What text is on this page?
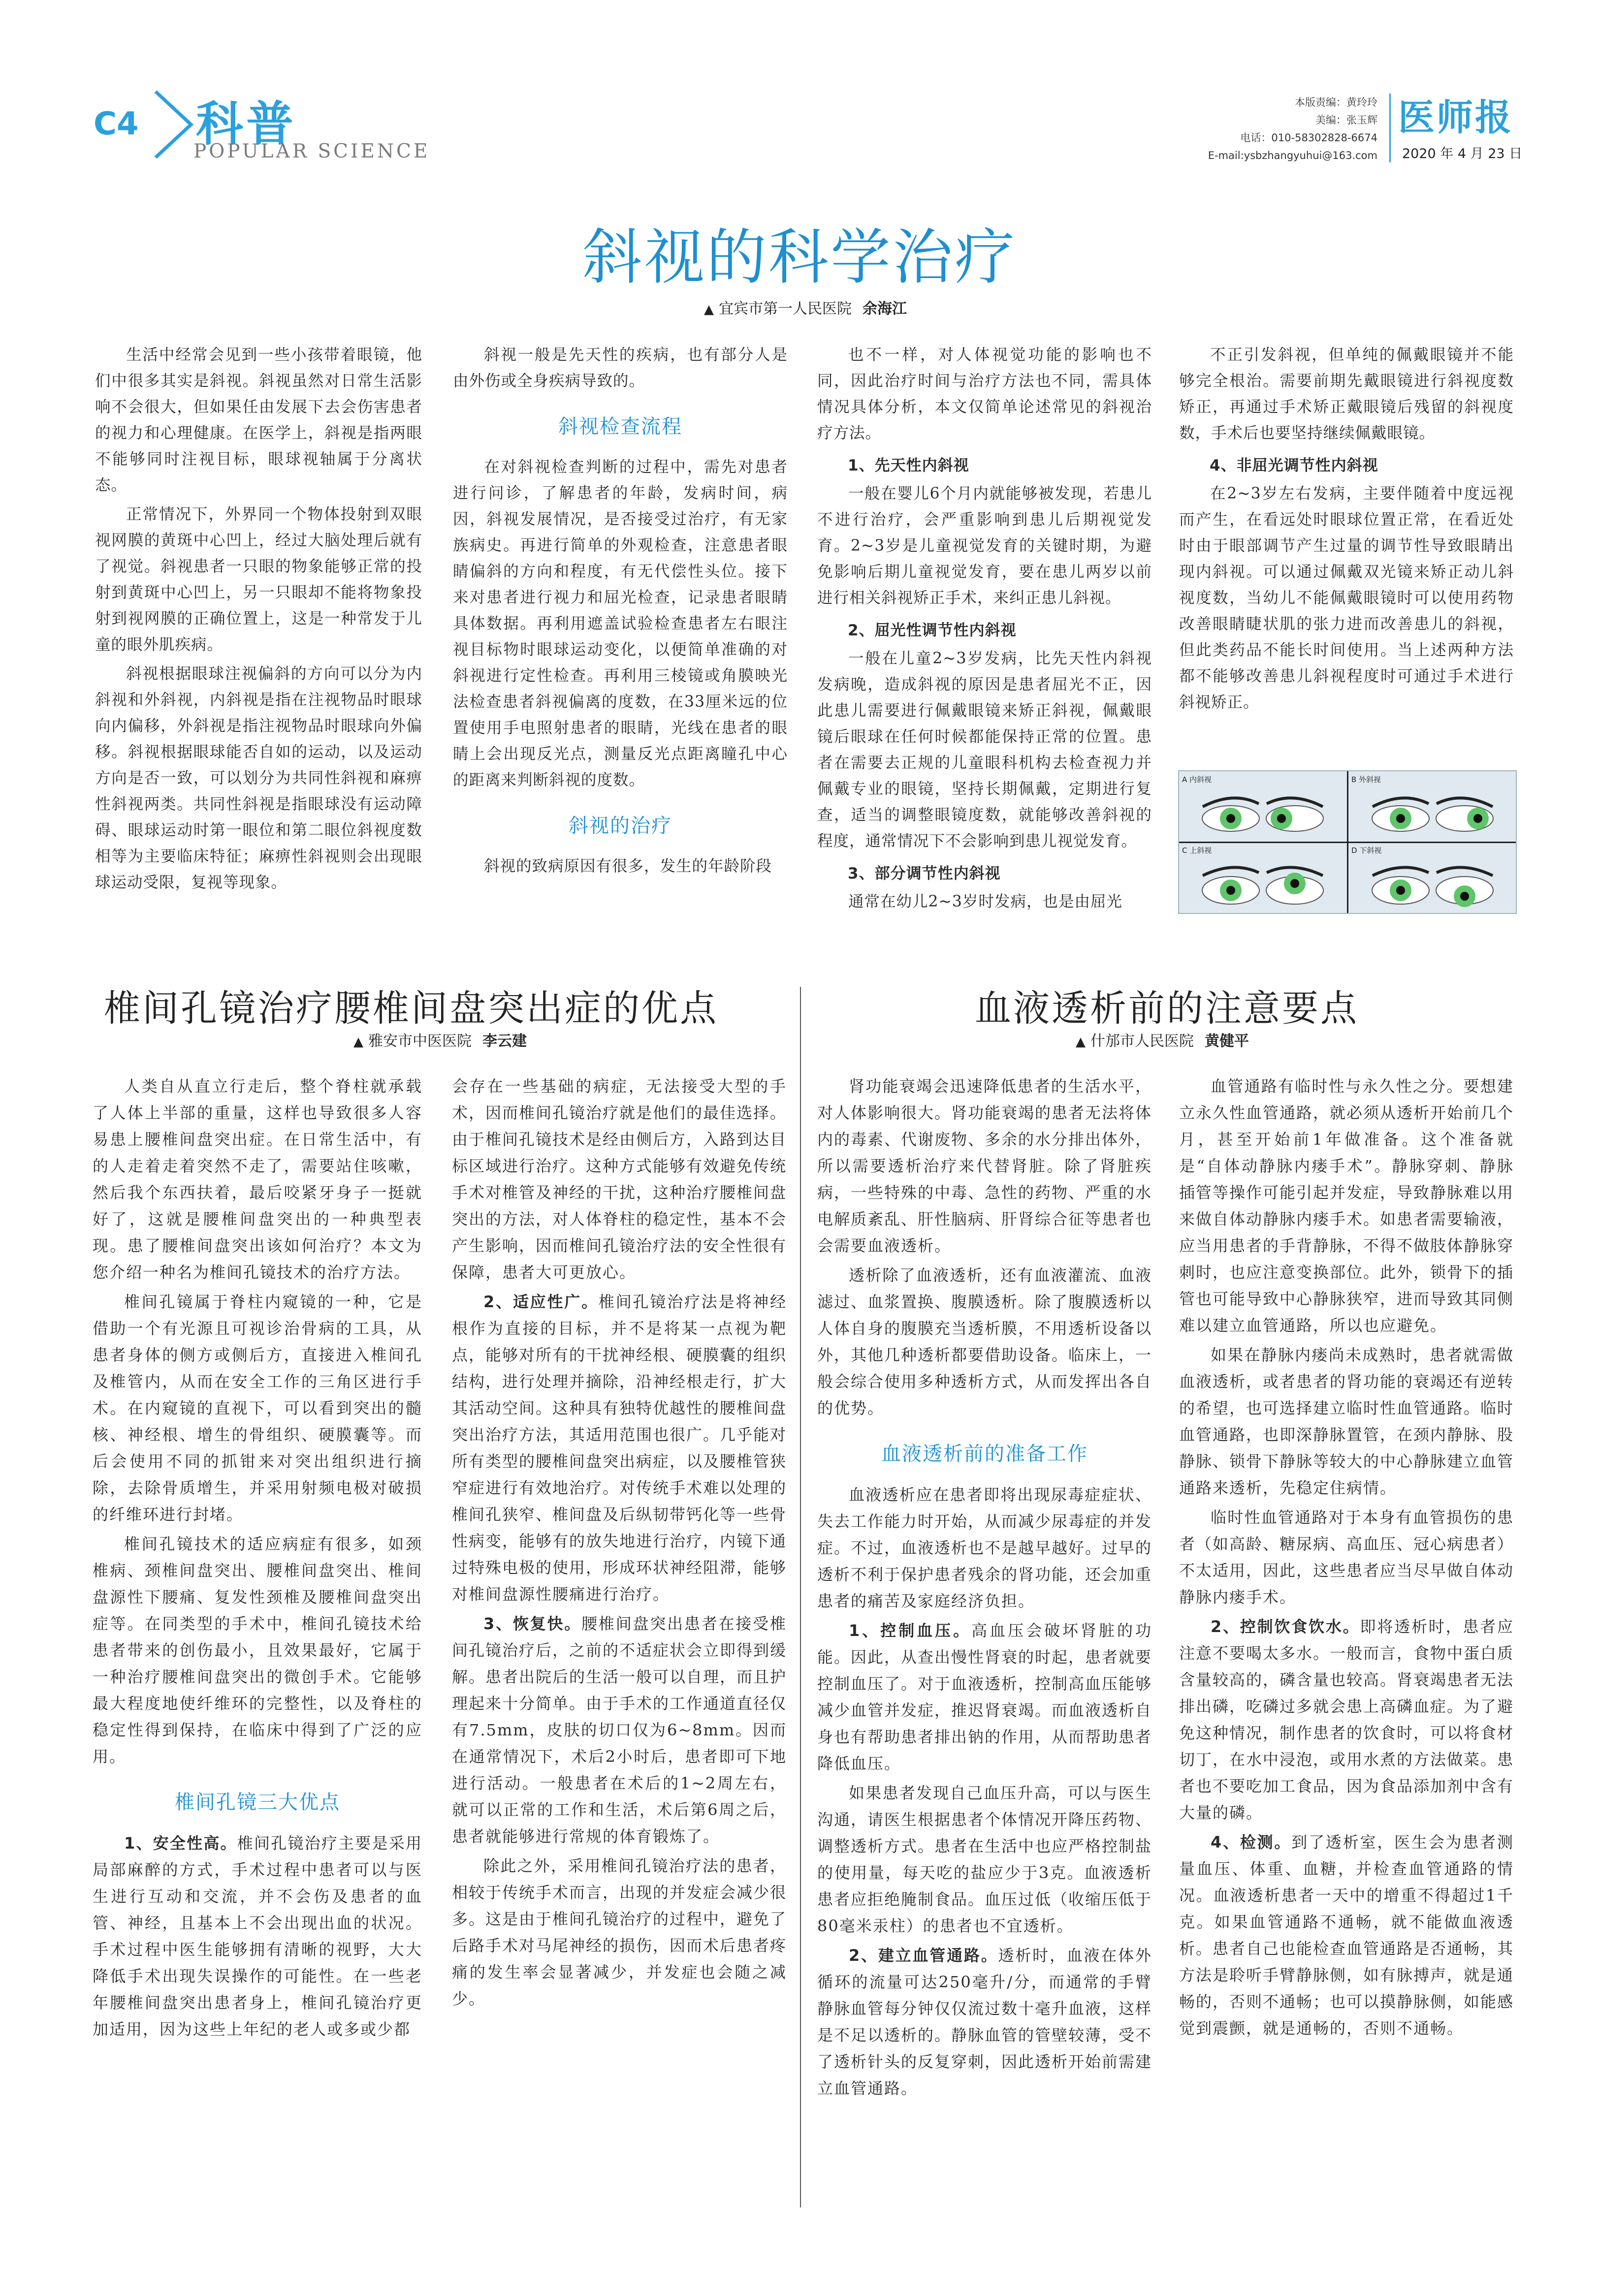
C4 科普
POPULAR SCIENCE
本版责编：黄玲玲
美编：张玉辉
电话：010-58302828-6674
E-mail:ysbzhangyuhui@163.com
医师报
2020 年 4 月 23 日
斜视的科学治疗
▲ 宜宾市第一人民医院 余海江

生活中经常会见到一些小孩带着眼镜，他们中很多其实是斜视。斜视虽然对日常生活影响不会很大，但如果任由发展下去会伤害患者的视力和心理健康。在医学上，斜视是指两眼不能够同时注视目标，眼球视轴属于分离状态。

正常情况下，外界同一个物体投射到双眼视网膜的黄斑中心凹上，经过大脑处理后就有了视觉。斜视患者一只眼的物象能够正常的投射到黄斑中心凹上，另一只眼却不能将物象投射到视网膜的正确位置上，这是一种常发于儿童的眼外肌疾病。

斜视根据眼球注视偏斜的方向可以分为内斜视和外斜视，内斜视是指在注视物品时眼球向内偏移，外斜视是指注视物品时眼球向外偏移。斜视根据眼球能否自如的运动，以及运动方向是否一致，可以划分为共同性斜视和麻痹性斜视两类。共同性斜视是指眼球没有运动障碍、眼球运动时第一眼位和第二眼位斜视度数相等为主要临床特征；麻痹性斜视则会出现眼球运动受限，复视等现象。

斜视一般是先天性的疾病，也有部分人是由外伤或全身疾病导致的。

斜视检查流程

在对斜视检查判断的过程中，需先对患者进行问诊，了解患者的年龄，发病时间，病因，斜视发展情况，是否接受过治疗，有无家族病史。再进行简单的外观检查，注意患者眼睛偏斜的方向和程度，有无代偿性头位。接下来对患者进行视力和屈光检查，记录患者眼睛具体数据。再利用遮盖试验检查患者左右眼注视目标物时眼球运动变化，以便简单准确的对斜视进行定性检查。再利用三棱镜或角膜映光法检查患者斜视偏离的度数，在33厘米远的位置使用手电照射患者的眼睛，光线在患者的眼睛上会出现反光点，测量反光点距离瞳孔中心的距离来判断斜视的度数。

斜视的治疗

斜视的致病原因有很多，发生的年龄阶段

也不一样，对人体视觉功能的影响也不同，因此治疗时间与治疗方法也不同，需具体情况具体分析，本文仅简单论述常见的斜视治疗方法。

1、先天性内斜视

一般在婴儿6个月内就能够被发现，若患儿不进行治疗，会严重影响到患儿后期视觉发育。2~3岁是儿童视觉发育的关键时期，为避免影响后期儿童视觉发育，要在患儿两岁以前进行相关斜视矫正手术，来纠正患儿斜视。

2、屈光性调节性内斜视

一般在儿童2~3岁发病，比先天性内斜视发病晚，造成斜视的原因是患者屈光不正，因此患儿需要进行佩戴眼镜来矫正斜视，佩戴眼镜后眼球在任何时候都能保持正常的位置。患者在需要去正规的儿童眼科机构去检查视力并佩戴专业的眼镜，坚持长期佩戴，定期进行复查，适当的调整眼镜度数，就能够改善斜视的程度，通常情况下不会影响到患儿视觉发育。

3、部分调节性内斜视

通常在幼儿2~3岁时发病，也是由屈光

不正引发斜视，但单纯的佩戴眼镜并不能够完全根治。需要前期先戴眼镜进行斜视度数矫正，再通过手术矫正戴眼镜后残留的斜视度数，手术后也要坚持继续佩戴眼镜。

4、非屈光调节性内斜视

在2~3岁左右发病，主要伴随着中度远视而产生，在看远处时眼球位置正常，在看近处时由于眼部调节产生过量的调节性导致眼睛出现内斜视。可以通过佩戴双光镜来矫正动儿斜视度数，当幼儿不能佩戴眼镜时可以使用药物改善眼睛睫状肌的张力进而改善患儿的斜视，但此类药品不能长时间使用。当上述两种方法都不能够改善患儿斜视程度时可通过手术进行斜视矫正。

A 内斜视	B 外斜视
C 上斜视	D 下斜视
椎间孔镜治疗腰椎间盘突出症的优点
▲ 雅安市中医医院 李云建

人类自从直立行走后，整个脊柱就承载了人体上半部的重量，这样也导致很多人容易患上腰椎间盘突出症。在日常生活中，有的人走着走着突然不走了，需要站住咳嗽，然后我个东西扶着，最后咬紧牙身子一挺就好了，这就是腰椎间盘突出的一种典型表现。患了腰椎间盘突出该如何治疗？本文为您介绍一种名为椎间孔镜技术的治疗方法。

椎间孔镜属于脊柱内窥镜的一种，它是借助一个有光源且可视诊治骨病的工具，从患者身体的侧方或侧后方，直接进入椎间孔及椎管内，从而在安全工作的三角区进行手术。在内窥镜的直视下，可以看到突出的髓核、神经根、增生的骨组织、硬膜囊等。而后会使用不同的抓钳来对突出组织进行摘除，去除骨质增生，并采用射频电极对破损的纤维环进行封堵。

椎间孔镜技术的适应病症有很多，如颈椎病、颈椎间盘突出、腰椎间盘突出、椎间盘源性下腰痛、复发性颈椎及腰椎间盘突出症等。在同类型的手术中，椎间孔镜技术给患者带来的创伤最小，且效果最好，它属于一种治疗腰椎间盘突出的微创手术。它能够最大程度地使纤维环的完整性，以及脊柱的稳定性得到保持，在临床中得到了广泛的应用。

椎间孔镜三大优点

1、安全性高。椎间孔镜治疗主要是采用局部麻醉的方式，手术过程中患者可以与医生进行互动和交流，并不会伤及患者的血管、神经，且基本上不会出现出血的状况。手术过程中医生能够拥有清晰的视野，大大降低手术出现失误操作的可能性。在一些老年腰椎间盘突出患者身上，椎间孔镜治疗更加适用，因为这些上年纪的老人或多或少都

会存在一些基础的病症，无法接受大型的手术，因而椎间孔镜治疗就是他们的最佳选择。由于椎间孔镜技术是经由侧后方，入路到达目标区域进行治疗。这种方式能够有效避免传统手术对椎管及神经的干扰，这种治疗腰椎间盘突出的方法，对人体脊柱的稳定性，基本不会产生影响，因而椎间孔镜治疗法的安全性很有保障，患者大可更放心。

2、适应性广。椎间孔镜治疗法是将神经根作为直接的目标，并不是将某一点视为靶点，能够对所有的干扰神经根、硬膜囊的组织结构，进行处理并摘除，沿神经根走行，扩大其活动空间。这种具有独特优越性的腰椎间盘突出治疗方法，其适用范围也很广。几乎能对所有类型的腰椎间盘突出病症，以及腰椎管狭窄症进行有效地治疗。对传统手术难以处理的椎间孔狭窄、椎间盘及后纵韧带钙化等一些骨性病变，能够有的放失地进行治疗，内镜下通过特殊电极的使用，形成环状神经阻滞，能够对椎间盘源性腰痛进行治疗。

3、恢复快。腰椎间盘突出患者在接受椎间孔镜治疗后，之前的不适症状会立即得到缓解。患者出院后的生活一般可以自理，而且护理起来十分简单。由于手术的工作通道直径仅有7.5mm，皮肤的切口仅为6~8mm。因而在通常情况下，术后2小时后，患者即可下地进行活动。一般患者在术后的1~2周左右，就可以正常的工作和生活，术后第6周之后，患者就能够进行常规的体育锻炼了。

除此之外，采用椎间孔镜治疗法的患者，相较于传统手术而言，出现的并发症会减少很多。这是由于椎间孔镜治疗的过程中，避免了后路手术对马尾神经的损伤，因而术后患者疼痛的发生率会显著减少，并发症也会随之减少。

血液透析前的注意要点
▲ 什邡市人民医院 黄健平

肾功能衰竭会迅速降低患者的生活水平，对人体影响很大。肾功能衰竭的患者无法将体内的毒素、代谢废物、多余的水分排出体外，所以需要透析治疗来代替肾脏。除了肾脏疾病，一些特殊的中毒、急性的药物、严重的水电解质紊乱、肝性脑病、肝肾综合征等患者也会需要血液透析。

透析除了血液透析，还有血液灌流、血液滤过、血浆置换、腹膜透析。除了腹膜透析以人体自身的腹膜充当透析膜，不用透析设备以外，其他几种透析都要借助设备。临床上，一般会综合使用多种透析方式，从而发挥出各自的优势。

血液透析前的准备工作

血液透析应在患者即将出现尿毒症症状、失去工作能力时开始，从而减少尿毒症的并发症。不过，血液透析也不是越早越好。过早的透析不利于保护患者残余的肾功能，还会加重患者的痛苦及家庭经济负担。

1、控制血压。高血压会破坏肾脏的功能。因此，从查出慢性肾衰的时起，患者就要控制血压了。对于血液透析，控制高血压能够减少血管并发症，推迟肾衰竭。而血液透析自身也有帮助患者排出钠的作用，从而帮助患者降低血压。

如果患者发现自己血压升高，可以与医生沟通，请医生根据患者个体情况开降压药物、调整透析方式。患者在生活中也应严格控制盐的使用量，每天吃的盐应少于3克。血液透析患者应拒绝腌制食品。血压过低（收缩压低于80毫米汞柱）的患者也不宜透析。

2、建立血管通路。透析时，血液在体外循环的流量可达250毫升/分，而通常的手臂静脉血管每分钟仅仅流过数十毫升血液，这样是不足以透析的。静脉血管的管壁较薄，受不了透析针头的反复穿刺，因此透析开始前需建立血管通路。

血管通路有临时性与永久性之分。要想建立永久性血管通路，就必须从透析开始前几个月，甚至开始前1年做准备。这个准备就是“自体动静脉内瘘手术”。静脉穿刺、静脉插管等操作可能引起并发症，导致静脉难以用来做自体动静脉内瘘手术。如患者需要输液，应当用患者的手背静脉，不得不做肢体静脉穿刺时，也应注意变换部位。此外，锁骨下的插管也可能导致中心静脉狭窄，进而导致其同侧难以建立血管通路，所以也应避免。

如果在静脉内瘘尚未成熟时，患者就需做血液透析，或者患者的肾功能的衰竭还有逆转的希望，也可选择建立临时性血管通路。临时血管通路，也即深静脉置管，在颈内静脉、股静脉、锁骨下静脉等较大的中心静脉建立血管通路来透析，先稳定住病情。

临时性血管通路对于本身有血管损伤的患者（如高龄、糖尿病、高血压、冠心病患者）不太适用，因此，这些患者应当尽早做自体动静脉内瘘手术。

2、控制饮食饮水。即将透析时，患者应注意不要喝太多水。一般而言，食物中蛋白质含量较高的，磷含量也较高。肾衰竭患者无法排出磷，吃磷过多就会患上高磷血症。为了避免这种情况，制作患者的饮食时，可以将食材切丁，在水中浸泡，或用水煮的方法做菜。患者也不要吃加工食品，因为食品添加剂中含有大量的磷。

4、检测。到了透析室，医生会为患者测量血压、体重、血糖，并检查血管通路的情况。血液透析患者一天中的增重不得超过1千克。如果血管通路不通畅，就不能做血液透析。患者自己也能检查血管通路是否通畅，其方法是聆听手臂静脉侧，如有脉搏声，就是通畅的，否则不通畅；也可以摸静脉侧，如能感觉到震颤，就是通畅的，否则不通畅。
